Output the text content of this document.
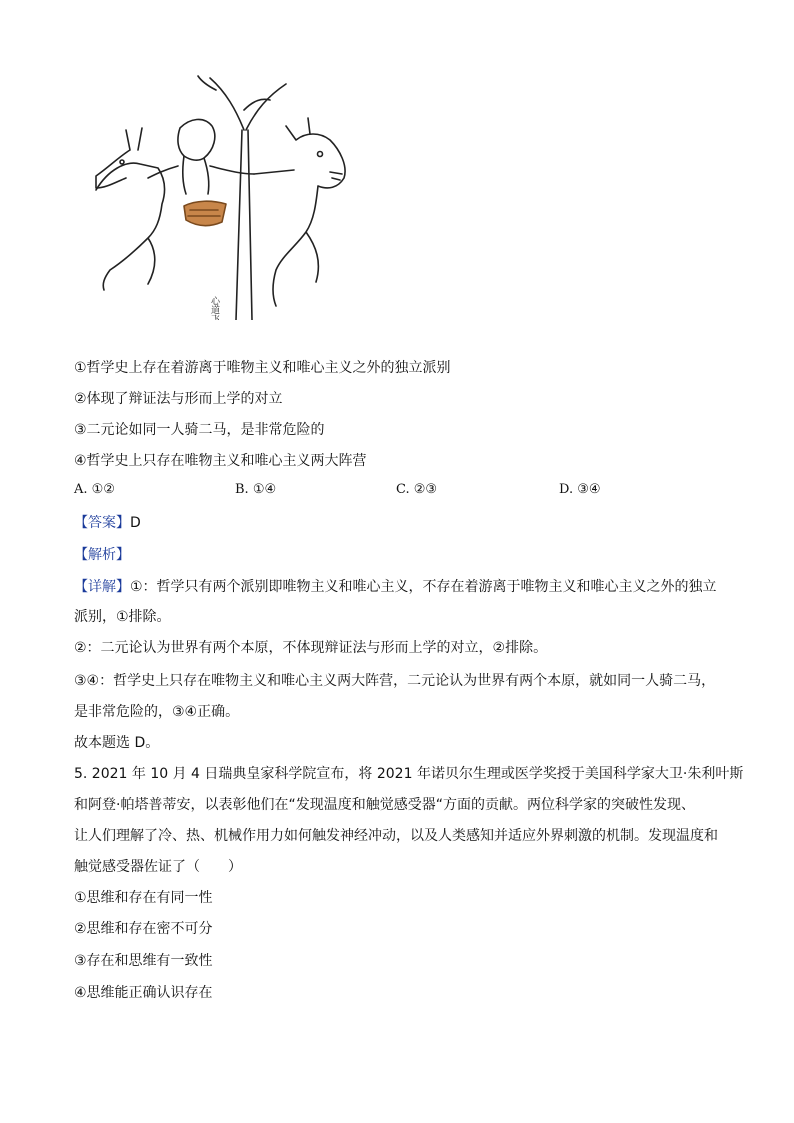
心道飞
①哲学史上存在着游离于唯物主义和唯心主义之外的独立派别
②体现了辩证法与形而上学的对立
③二元论如同一人骑二马，是非常危险的
④哲学史上只存在唯物主义和唯心主义两大阵营
A. ①②	B. ①④	C. ②③	D. ③④
【答案】D
【解析】
【详解】①：哲学只有两个派别即唯物主义和唯心主义，不存在着游离于唯物主义和唯心主义之外的独立
派别，①排除。
②：二元论认为世界有两个本原，不体现辩证法与形而上学的对立，②排除。
③④：哲学史上只存在唯物主义和唯心主义两大阵营，二元论认为世界有两个本原，就如同一人骑二马，
是非常危险的，③④正确。
故本题选 D。
5. 2021 年 10 月 4 日瑞典皇家科学院宣布，将 2021 年诺贝尔生理或医学奖授于美国科学家大卫·朱利叶斯
和阿登·帕塔普蒂安，以表彰他们在“发现温度和触觉感受器“方面的贡献。两位科学家的突破性发现、
让人们理解了冷、热、机械作用力如何触发神经冲动，以及人类感知并适应外界刺激的机制。发现温度和
触觉感受器佐证了（　　）
①思维和存在有同一性
②思维和存在密不可分
③存在和思维有一致性
④思维能正确认识存在
